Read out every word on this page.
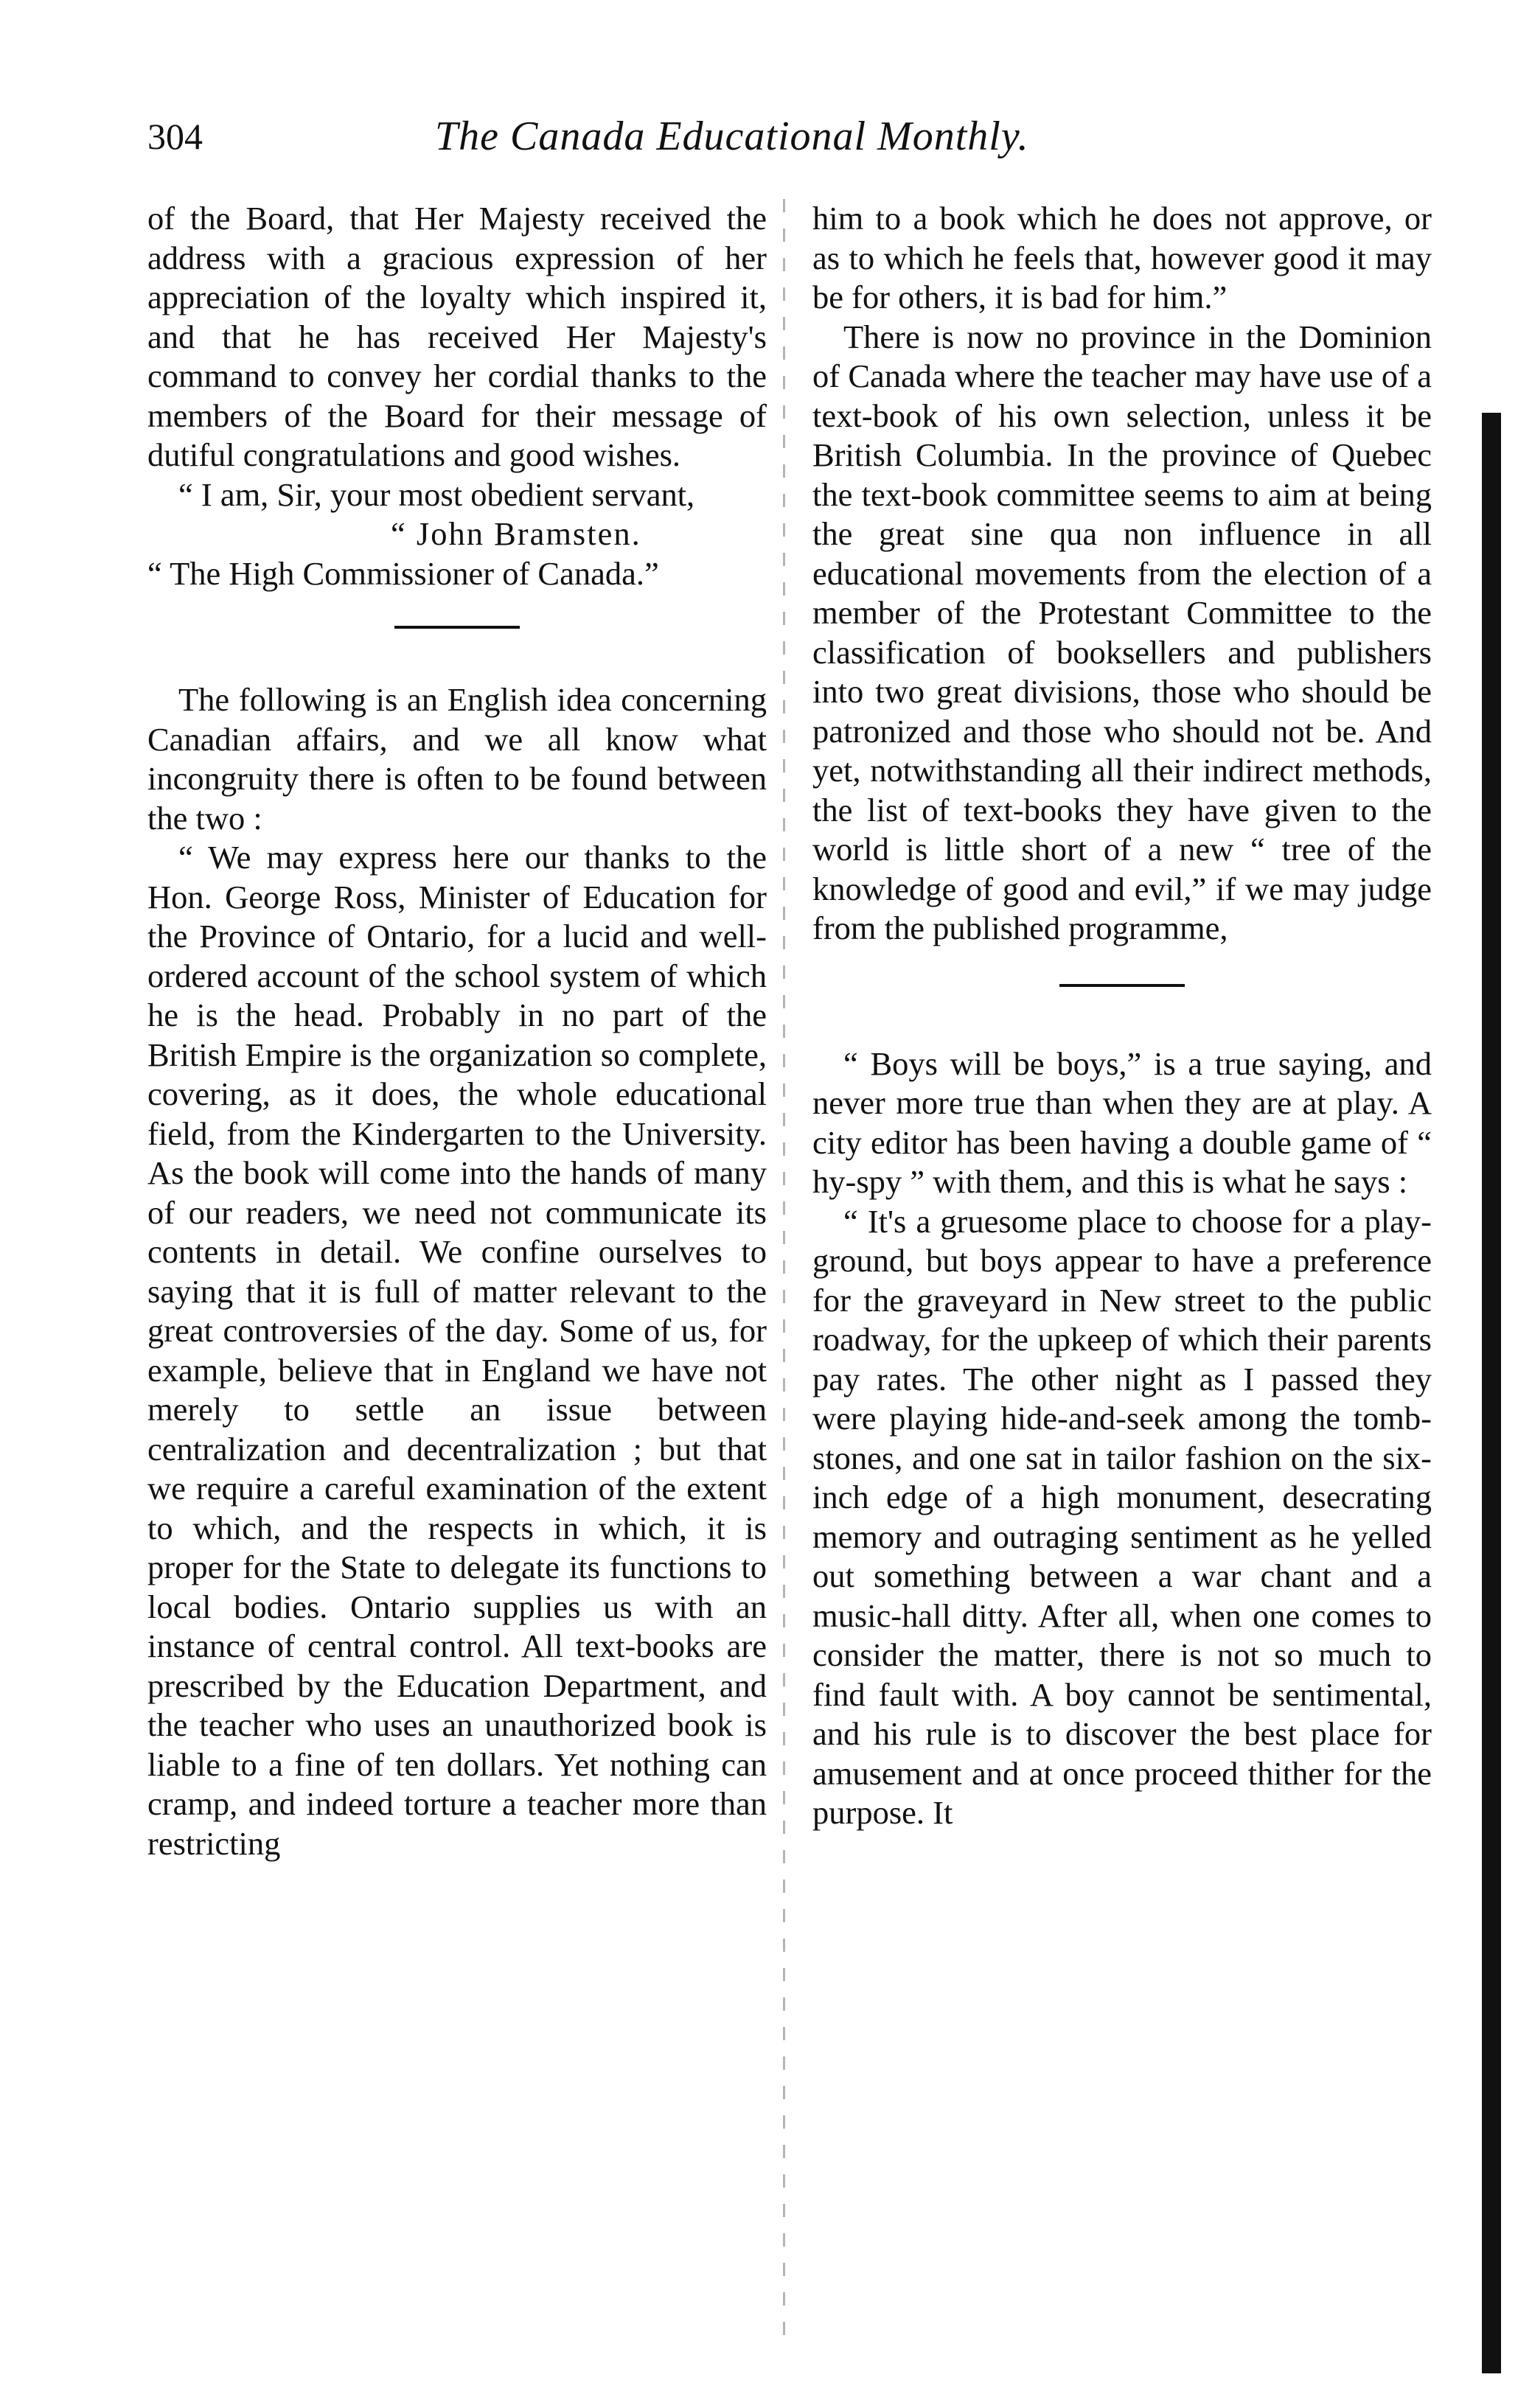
304	The Canada Educational Monthly.

of the Board, that Her Majesty received the address with a gracious expression of her appreciation of the loyalty which inspired it, and that he has received Her Majesty's command to convey her cordial thanks to the members of the Board for their message of dutiful congratulations and good wishes.

“ I am, Sir, your most obedient servant,

“ John Bramsten.

“ The High Commissioner of Canada.”

The following is an English idea concerning Canadian affairs, and we all know what incongruity there is often to be found between the two :

“ We may express here our thanks to the Hon. George Ross, Minister of Education for the Province of Ontario, for a lucid and well-ordered account of the school system of which he is the head. Probably in no part of the British Empire is the organization so complete, covering, as it does, the whole educational field, from the Kindergarten to the University. As the book will come into the hands of many of our readers, we need not communicate its contents in detail. We confine ourselves to saying that it is full of matter relevant to the great controversies of the day. Some of us, for example, believe that in England we have not merely to settle an issue between centralization and decentralization ; but that we require a careful examination of the extent to which, and the respects in which, it is proper for the State to delegate its functions to local bodies. Ontario supplies us with an instance of central control. All text-books are prescribed by the Education Department, and the teacher who uses an unauthorized book is liable to a fine of ten dollars. Yet nothing can cramp, and indeed torture a teacher more than restricting

him to a book which he does not approve, or as to which he feels that, however good it may be for others, it is bad for him.”

There is now no province in the Dominion of Canada where the teacher may have use of a text-book of his own selection, unless it be British Columbia. In the province of Quebec the text-book committee seems to aim at being the great sine qua non influence in all educational movements from the election of a member of the Protestant Committee to the classification of booksellers and publishers into two great divisions, those who should be patronized and those who should not be. And yet, notwithstanding all their indirect methods, the list of text-books they have given to the world is little short of a new “ tree of the knowledge of good and evil,” if we may judge from the published programme,

“ Boys will be boys,” is a true saying, and never more true than when they are at play. A city editor has been having a double game of “ hy-spy ” with them, and this is what he says :

“ It's a gruesome place to choose for a play-ground, but boys appear to have a preference for the graveyard in New street to the public roadway, for the upkeep of which their parents pay rates. The other night as I passed they were playing hide-and-seek among the tomb-stones, and one sat in tailor fashion on the six-inch edge of a high monument, desecrating memory and outraging sentiment as he yelled out something between a war chant and a music-hall ditty. After all, when one comes to consider the matter, there is not so much to find fault with. A boy cannot be sentimental, and his rule is to discover the best place for amusement and at once proceed thither for the purpose. It
